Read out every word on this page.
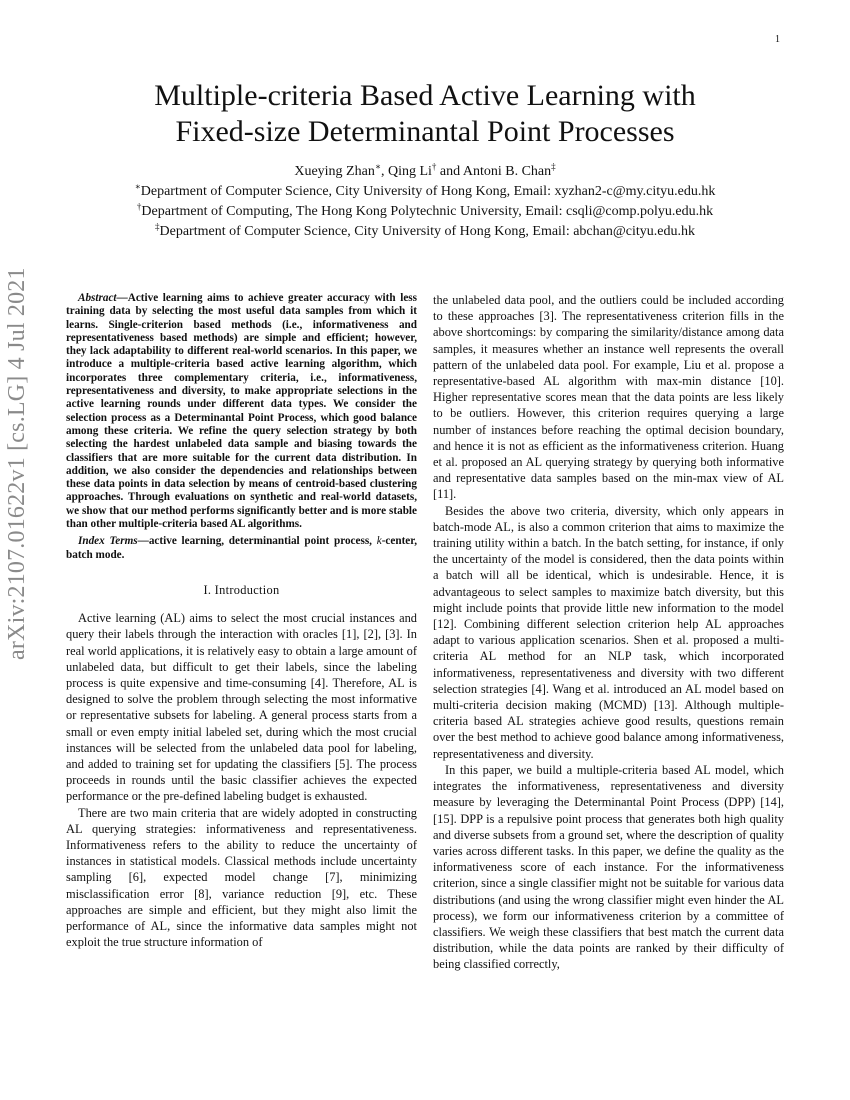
1
arXiv:2107.01622v1 [cs.LG] 4 Jul 2021
Multiple-criteria Based Active Learning with
Fixed-size Determinantal Point Processes
Xueying Zhan∗, Qing Li† and Antoni B. Chan‡
∗Department of Computer Science, City University of Hong Kong, Email: xyzhan2-c@my.cityu.edu.hk
†Department of Computing, The Hong Kong Polytechnic University, Email: csqli@comp.polyu.edu.hk
‡Department of Computer Science, City University of Hong Kong, Email: abchan@cityu.edu.hk

Abstract—Active learning aims to achieve greater accuracy with less training data by selecting the most useful data samples from which it learns. Single-criterion based methods (i.e., informativeness and representativeness based methods) are simple and efficient; however, they lack adaptability to different real-world scenarios. In this paper, we introduce a multiple-criteria based active learning algorithm, which incorporates three complementary criteria, i.e., informativeness, representativeness and diversity, to make appropriate selections in the active learning rounds under different data types. We consider the selection process as a Determinantal Point Process, which good balance among these criteria. We refine the query selection strategy by both selecting the hardest unlabeled data sample and biasing towards the classifiers that are more suitable for the current data distribution. In addition, we also consider the dependencies and relationships between these data points in data selection by means of centroid-based clustering approaches. Through evaluations on synthetic and real-world datasets, we show that our method performs significantly better and is more stable than other multiple-criteria based AL algorithms.

Index Terms—active learning, determinantial point process, k-center, batch mode.

I. Introduction

Active learning (AL) aims to select the most crucial instances and query their labels through the interaction with oracles [1], [2], [3]. In real world applications, it is relatively easy to obtain a large amount of unlabeled data, but difficult to get their labels, since the labeling process is quite expensive and time-consuming [4]. Therefore, AL is designed to solve the problem through selecting the most informative or representative subsets for labeling. A general process starts from a small or even empty initial labeled set, during which the most crucial instances will be selected from the unlabeled data pool for labeling, and added to training set for updating the classifiers [5]. The process proceeds in rounds until the basic classifier achieves the expected performance or the pre-defined labeling budget is exhausted.

There are two main criteria that are widely adopted in constructing AL querying strategies: informativeness and representativeness. Informativeness refers to the ability to reduce the uncertainty of instances in statistical models. Classical methods include uncertainty sampling [6], expected model change [7], minimizing misclassification error [8], variance reduction [9], etc. These approaches are simple and efficient, but they might also limit the performance of AL, since the informative data samples might not exploit the true structure information of

the unlabeled data pool, and the outliers could be included according to these approaches [3]. The representativeness criterion fills in the above shortcomings: by comparing the similarity/distance among data samples, it measures whether an instance well represents the overall pattern of the unlabeled data pool. For example, Liu et al. propose a representative-based AL algorithm with max-min distance [10]. Higher representative scores mean that the data points are less likely to be outliers. However, this criterion requires querying a large number of instances before reaching the optimal decision boundary, and hence it is not as efficient as the informativeness criterion. Huang et al. proposed an AL querying strategy by querying both informative and representative data samples based on the min-max view of AL [11].

Besides the above two criteria, diversity, which only appears in batch-mode AL, is also a common criterion that aims to maximize the training utility within a batch. In the batch setting, for instance, if only the uncertainty of the model is considered, then the data points within a batch will all be identical, which is undesirable. Hence, it is advantageous to select samples to maximize batch diversity, but this might include points that provide little new information to the model [12]. Combining different selection criterion help AL approaches adapt to various application scenarios. Shen et al. proposed a multi-criteria AL method for an NLP task, which incorporated informativeness, representativeness and diversity with two different selection strategies [4]. Wang et al. introduced an AL model based on multi-criteria decision making (MCMD) [13]. Although multiple-criteria based AL strategies achieve good results, questions remain over the best method to achieve good balance among informativeness, representativeness and diversity.

In this paper, we build a multiple-criteria based AL model, which integrates the informativeness, representativeness and diversity measure by leveraging the Determinantal Point Process (DPP) [14], [15]. DPP is a repulsive point process that generates both high quality and diverse subsets from a ground set, where the description of quality varies across different tasks. In this paper, we define the quality as the informativeness score of each instance. For the informativeness criterion, since a single classifier might not be suitable for various data distributions (and using the wrong classifier might even hinder the AL process), we form our informativeness criterion by a committee of classifiers. We weigh these classifiers that best match the current data distribution, while the data points are ranked by their difficulty of being classified correctly,
